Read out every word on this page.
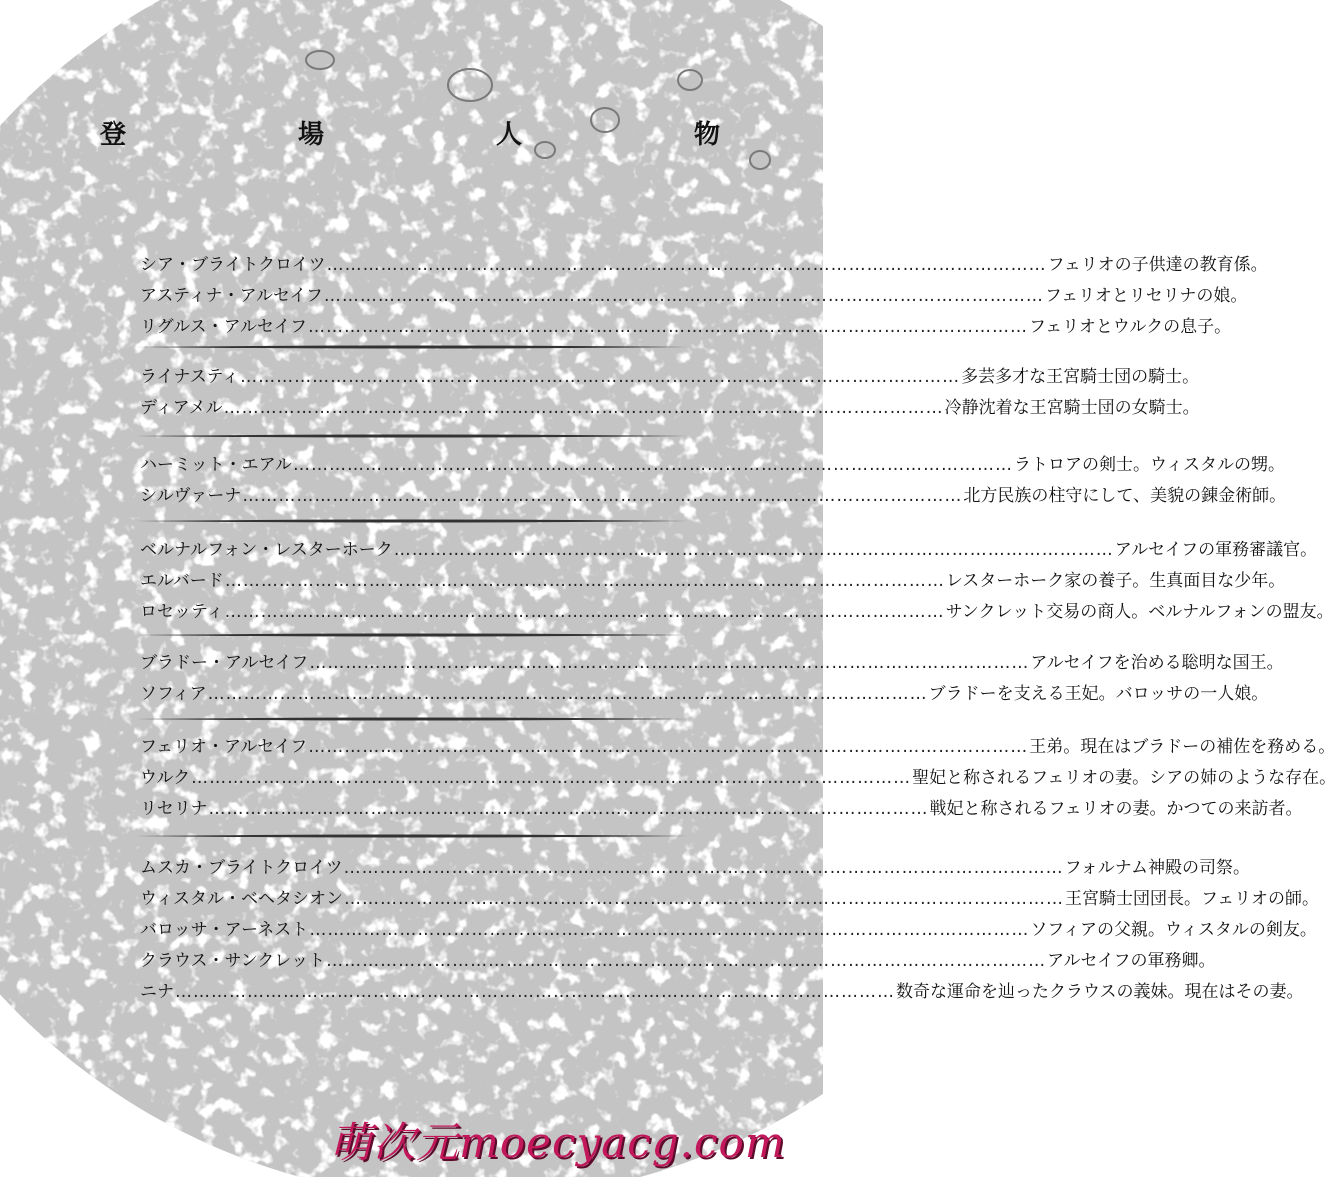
登	場	人	物
シア・ブライトクロイツ ………………………………………………………………………………………………………… フェリオの子供達の教育係。
アスティナ・アルセイフ ………………………………………………………………………………………………………… フェリオとリセリナの娘。
リグルス・アルセイフ ………………………………………………………………………………………………………… フェリオとウルクの息子。
ライナスティ ………………………………………………………………………………………………………… 多芸多才な王宮騎士団の騎士。
ディアメル ………………………………………………………………………………………………………… 冷静沈着な王宮騎士団の女騎士。
ハーミット・エアル ………………………………………………………………………………………………………… ラトロアの剣士。ウィスタルの甥。
シルヴァーナ ………………………………………………………………………………………………………… 北方民族の柱守にして、美貌の錬金術師。
ベルナルフォン・レスターホーク ………………………………………………………………………………………………………… アルセイフの軍務審議官。
エルバード ………………………………………………………………………………………………………… レスターホーク家の養子。生真面目な少年。
ロセッティ ………………………………………………………………………………………………………… サンクレット交易の商人。ベルナルフォンの盟友。
ブラドー・アルセイフ ………………………………………………………………………………………………………… アルセイフを治める聡明な国王。
ソフィア ………………………………………………………………………………………………………… ブラドーを支える王妃。バロッサの一人娘。
フェリオ・アルセイフ ………………………………………………………………………………………………………… 王弟。現在はブラドーの補佐を務める。
ウルク ………………………………………………………………………………………………………… 聖妃と称されるフェリオの妻。シアの姉のような存在。
リセリナ ………………………………………………………………………………………………………… 戦妃と称されるフェリオの妻。かつての来訪者。
ムスカ・ブライトクロイツ ………………………………………………………………………………………………………… フォルナム神殿の司祭。
ウィスタル・ベヘタシオン ………………………………………………………………………………………………………… 王宮騎士団団長。フェリオの師。
バロッサ・アーネスト ………………………………………………………………………………………………………… ソフィアの父親。ウィスタルの剣友。
クラウス・サンクレット ………………………………………………………………………………………………………… アルセイフの軍務卿。
ニナ ………………………………………………………………………………………………………… 数奇な運命を辿ったクラウスの義妹。現在はその妻。
萌次元moecyacg.com
